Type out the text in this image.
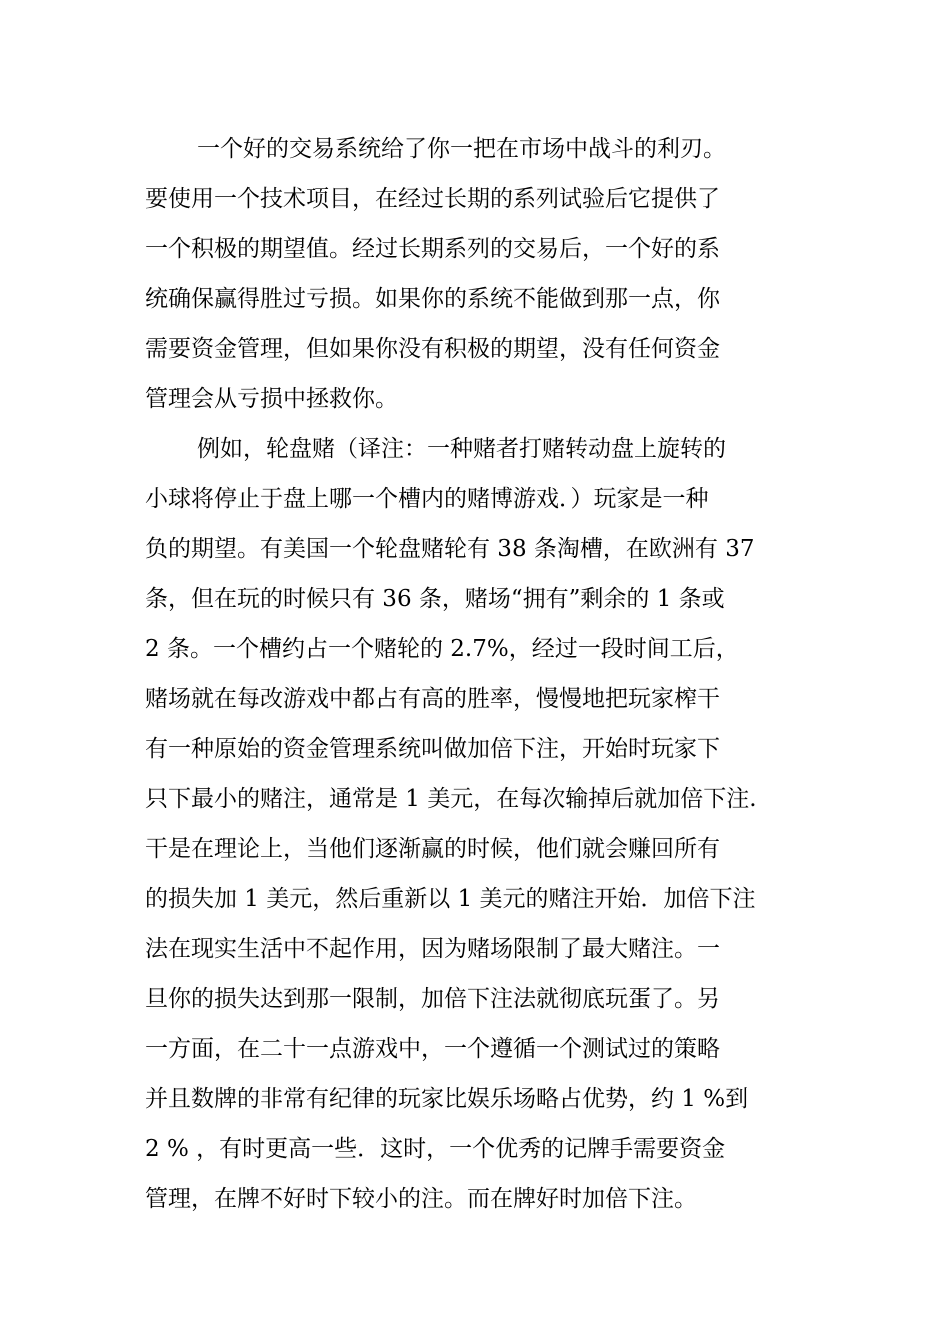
一个好的交易系统给了你一把在市场中战斗的利刃。
要使用一个技术项目，在经过长期的系列试验后它提供了
一个积极的期望值。经过长期系列的交易后，一个好的系
统确保赢得胜过亏损。如果你的系统不能做到那一点，你
需要资金管理，但如果你没有积极的期望，没有任何资金
管理会从亏损中拯救你。
例如，轮盘赌（译注：一种赌者打赌转动盘上旋转的
小球将停止于盘上哪一个槽内的赌博游戏．）玩家是一种
负的期望。有美国一个轮盘赌轮有 38 条淘槽，在欧洲有 37
条，但在玩的时候只有 36 条，赌场“拥有”剩余的 1 条或
2 条。一个槽约占一个赌轮的 2.7%，经过一段时间工后，
赌场就在每改游戏中都占有高的胜率，慢慢地把玩家榨干
有一种原始的资金管理系统叫做加倍下注，开始时玩家下
只下最小的赌注，通常是 1 美元，在每次输掉后就加倍下注.
干是在理论上，当他们逐渐赢的时候，他们就会赚回所有
的损失加 1 美元，然后重新以 1 美元的赌注开始．加倍下注
法在现实生活中不起作用，因为赌场限制了最大赌注。一
旦你的损失达到那一限制，加倍下注法就彻底玩蛋了。另
一方面，在二十一点游戏中，一个遵循一个测试过的策略
并且数牌的非常有纪律的玩家比娱乐场略占优势，约 1 %到
2 % ，有时更高一些．这时，一个优秀的记牌手需要资金
管理，在牌不好时下较小的注。而在牌好时加倍下注。
